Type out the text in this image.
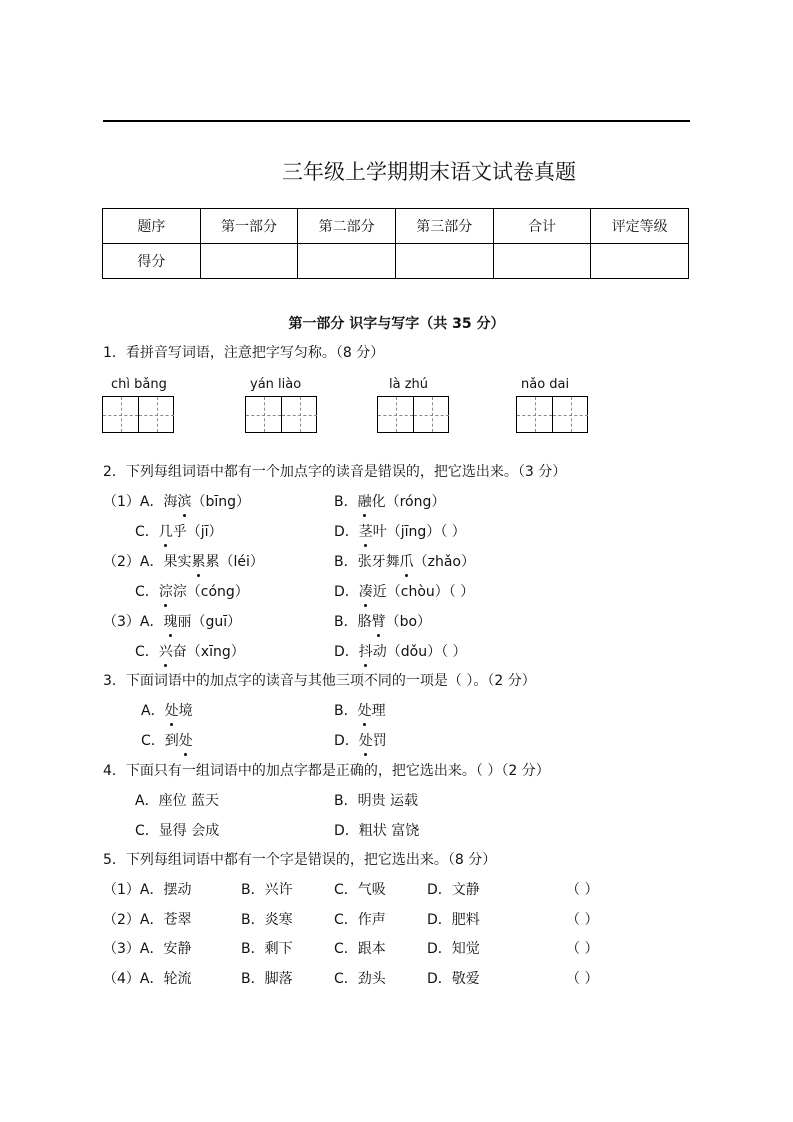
三年级上学期期末语文试卷真题
题序	第一部分	第二部分	第三部分	合计	评定等级
得分					
第一部分 识字与写字（共 35 分）
1．看拼音写词语，注意把字写匀称。（8 分）
chì bǎng	yán liào	là zhú	nǎo dai
2．下列每组词语中都有一个加点字的读音是错误的，把它选出来。（3 分）
（1）A．海滨（bīng）	B．融化（róng）
C．几乎（jī）	D．茎叶（jīng）（ ）
（2）A．果实累累（léi）	B．张牙舞爪（zhǎo）
C．淙淙（cóng）	D．凑近（chòu）（ ）
（3）A．瑰丽（guī）	B．胳臂（bo）
C．兴奋（xīng）	D．抖动（dǒu）（ ）
3．下面词语中的加点字的读音与其他三项不同的一项是（ ）。（2 分）
A．处境	B．处理
C．到处	D．处罚
4．下面只有一组词语中的加点字都是正确的，把它选出来。（ ）（2 分）
A．座位 蓝天	B．明贵 运载
C．显得 会成	D．粗状 富饶
5．下列每组词语中都有一个字是错误的，把它选出来。（8 分）
（1）A．摆动	B．兴许	C．气吸	D．文静	（ ）
（2）A．苍翠	B．炎寒	C．作声	D．肥料	（ ）
（3）A．安静	B．剩下	C．跟本	D．知觉	（ ）
（4）A．轮流	B．脚落	C．劲头	D．敬爱	（ ）
